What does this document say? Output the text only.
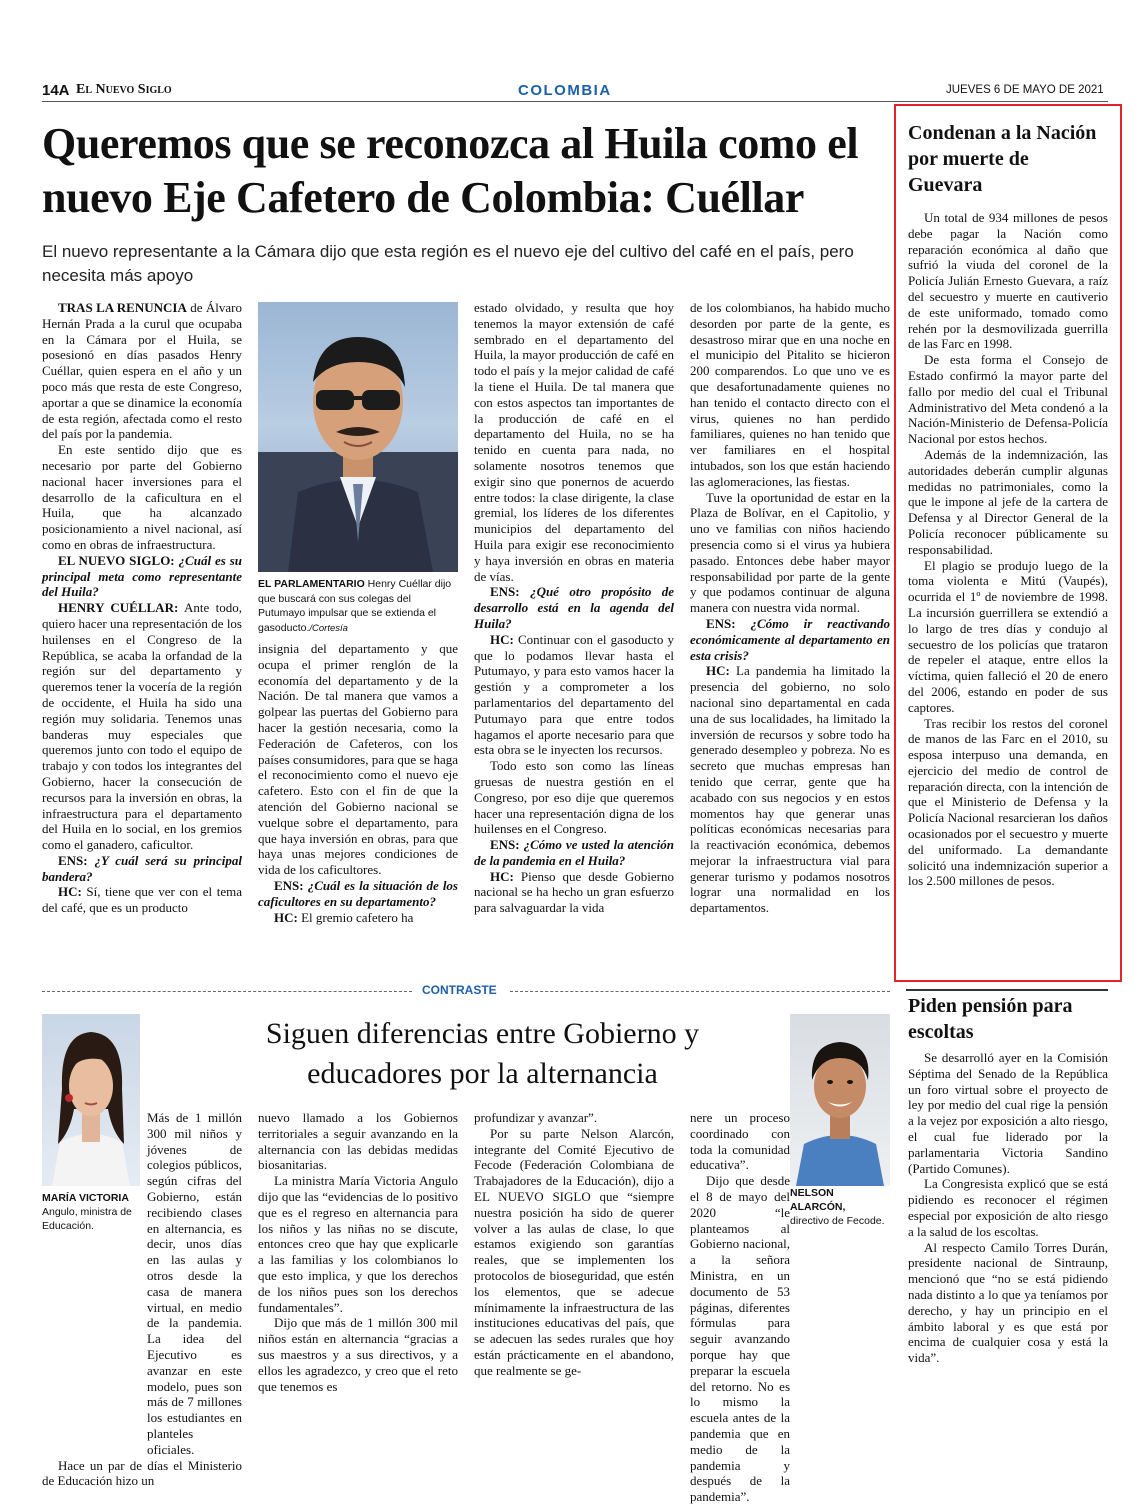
14A El Nuevo Siglo	COLOMBIA	JUEVES 6 DE MAYO DE 2021
Queremos que se reconozca al Huila como el nuevo Eje Cafetero de Colombia: Cuéllar
El nuevo representante a la Cámara dijo que esta región es el nuevo eje del cultivo del café en el país, pero necesita más apoyo

TRAS LA RENUNCIA de Álvaro Hernán Prada a la curul que ocupaba en la Cámara por el Huila, se posesionó en días pasados Henry Cuéllar, quien espera en el año y un poco más que resta de este Congreso, aportar a que se dinamice la economía de esta región, afectada como el resto del país por la pandemia.

En este sentido dijo que es necesario por parte del Gobierno nacional hacer inversiones para el desarrollo de la caficultura en el Huila, que ha alcanzado posicionamiento a nivel nacional, así como en obras de infraestructura.

EL NUEVO SIGLO: ¿Cuál es su principal meta como representante del Huila?

HENRY CUÉLLAR: Ante todo, quiero hacer una representación de los huilenses en el Congreso de la República, se acaba la orfandad de la región sur del departamento y queremos tener la vocería de la región de occidente, el Huila ha sido una región muy solidaria. Tenemos unas banderas muy especiales que queremos junto con todo el equipo de trabajo y con todos los integrantes del Gobierno, hacer la consecución de recursos para la inversión en obras, la infraestructura para el departamento del Huila en lo social, en los gremios como el ganadero, caficultor.

ENS: ¿Y cuál será su principal bandera?

HC: Sí, tiene que ver con el tema del café, que es un producto

EL PARLAMENTARIO Henry Cuéllar dijo que buscará con sus colegas del Putumayo impulsar que se extienda el gasoducto./Cortesía

insignia del departamento y que ocupa el primer renglón de la economía del departamento y de la Nación. De tal manera que vamos a golpear las puertas del Gobierno para hacer la gestión necesaria, como la Federación de Cafeteros, con los países consumidores, para que se haga el reconocimiento como el nuevo eje cafetero. Esto con el fin de que la atención del Gobierno nacional se vuelque sobre el departamento, para que haya inversión en obras, para que haya unas mejores condiciones de vida de los caficultores.

ENS: ¿Cuál es la situación de los caficultores en su departamento?

HC: El gremio cafetero ha

estado olvidado, y resulta que hoy tenemos la mayor extensión de café sembrado en el departamento del Huila, la mayor producción de café en todo el país y la mejor calidad de café la tiene el Huila. De tal manera que con estos aspectos tan importantes de la producción de café en el departamento del Huila, no se ha tenido en cuenta para nada, no solamente nosotros tenemos que exigir sino que ponernos de acuerdo entre todos: la clase dirigente, la clase gremial, los líderes de los diferentes municipios del departamento del Huila para exigir ese reconocimiento y haya inversión en obras en materia de vías.

ENS: ¿Qué otro propósito de desarrollo está en la agenda del Huila?

HC: Continuar con el gasoducto y que lo podamos llevar hasta el Putumayo, y para esto vamos hacer la gestión y a comprometer a los parlamentarios del departamento del Putumayo para que entre todos hagamos el aporte necesario para que esta obra se le inyecten los recursos.

Todo esto son como las líneas gruesas de nuestra gestión en el Congreso, por eso dije que queremos hacer una representación digna de los huilenses en el Congreso.

ENS: ¿Cómo ve usted la atención de la pandemia en el Huila?

HC: Pienso que desde Gobierno nacional se ha hecho un gran esfuerzo para salvaguardar la vida

de los colombianos, ha habido mucho desorden por parte de la gente, es desastroso mirar que en una noche en el municipio del Pitalito se hicieron 200 comparendos. Lo que uno ve es que desafortunadamente quienes no han tenido el contacto directo con el virus, quienes no han perdido familiares, quienes no han tenido que ver familiares en el hospital intubados, son los que están haciendo las aglomeraciones, las fiestas.

Tuve la oportunidad de estar en la Plaza de Bolívar, en el Capitolio, y uno ve familias con niños haciendo presencia como si el virus ya hubiera pasado. Entonces debe haber mayor responsabilidad por parte de la gente y que podamos continuar de alguna manera con nuestra vida normal.

ENS: ¿Cómo ir reactivando económicamente al departamento en esta crisis?

HC: La pandemia ha limitado la presencia del gobierno, no solo nacional sino departamental en cada una de sus localidades, ha limitado la inversión de recursos y sobre todo ha generado desempleo y pobreza. No es secreto que muchas empresas han tenido que cerrar, gente que ha acabado con sus negocios y en estos momentos hay que generar unas políticas económicas necesarias para la reactivación económica, debemos mejorar la infraestructura vial para generar turismo y podamos nosotros lograr una normalidad en los departamentos.

Condenan a la Nación por muerte de Guevara

Un total de 934 millones de pesos debe pagar la Nación como reparación económica al daño que sufrió la viuda del coronel de la Policía Julián Ernesto Guevara, a raíz del secuestro y muerte en cautiverio de este uniformado, tomado como rehén por la desmovilizada guerrilla de las Farc en 1998.

De esta forma el Consejo de Estado confirmó la mayor parte del fallo por medio del cual el Tribunal Administrativo del Meta condenó a la Nación-Ministerio de Defensa-Policía Nacional por estos hechos.

Además de la indemnización, las autoridades deberán cumplir algunas medidas no patrimoniales, como la que le impone al jefe de la cartera de Defensa y al Director General de la Policía reconocer públicamente su responsabilidad.

El plagio se produjo luego de la toma violenta e Mitú (Vaupés), ocurrida el 1º de noviembre de 1998. La incursión guerrillera se extendió a lo largo de tres días y condujo al secuestro de los policías que trataron de repeler el ataque, entre ellos la víctima, quien falleció el 20 de enero del 2006, estando en poder de sus captores.

Tras recibir los restos del coronel de manos de las Farc en el 2010, su esposa interpuso una demanda, en ejercicio del medio de control de reparación directa, con la intención de que el Ministerio de Defensa y la Policía Nacional resarcieran los daños ocasionados por el secuestro y muerte del uniformado. La demandante solicitó una indemnización superior a los 2.500 millones de pesos.

Piden pensión para escoltas

Se desarrolló ayer en la Comisión Séptima del Senado de la República un foro virtual sobre el proyecto de ley por medio del cual rige la pensión a la vejez por exposición a alto riesgo, el cual fue liderado por la parlamentaria Victoria Sandino (Partido Comunes).

La Congresista explicó que se está pidiendo es reconocer el régimen especial por exposición de alto riesgo a la salud de los escoltas.

Al respecto Camilo Torres Durán, presidente nacional de Sintraunp, mencionó que “no se está pidiendo nada distinto a lo que ya teníamos por derecho, y hay un principio en el ámbito laboral y es que está por encima de cualquier cosa y está la vida”.

CONTRASTE
Siguen diferencias entre Gobierno y educadores por la alternancia
MARÍA VICTORIA
Angulo, ministra de Educación.

Más de 1 millón 300 mil niños y jóvenes de colegios públicos, según cifras del Gobierno, están recibiendo clases en alternancia, es decir, unos días en las aulas y otros desde la casa de manera virtual, en medio de la pandemia. La idea del Ejecutivo es avanzar en este modelo, pues son más de 7 millones los estudiantes en planteles oficiales.

Hace un par de días el Ministerio de Educación hizo un

nuevo llamado a los Gobiernos territoriales a seguir avanzando en la alternancia con las debidas medidas biosanitarias.

La ministra María Victoria Angulo dijo que las “evidencias de lo positivo que es el regreso en alternancia para los niños y las niñas no se discute, entonces creo que hay que explicarle a las familias y los colombianos lo que esto implica, y que los derechos de los niños pues son los derechos fundamentales”.

Dijo que más de 1 millón 300 mil niños están en alternancia “gracias a sus maestros y a sus directivos, y a ellos les agradezco, y creo que el reto que tenemos es

profundizar y avanzar”.

Por su parte Nelson Alarcón, integrante del Comité Ejecutivo de Fecode (Federación Colombiana de Trabajadores de la Educación), dijo a EL NUEVO SIGLO que “siempre nuestra posición ha sido de querer volver a las aulas de clase, lo que estamos exigiendo son garantías reales, que se implementen los protocolos de bioseguridad, que estén los elementos, que se adecue mínimamente la infraestructura de las instituciones educativas del país, que se adecuen las sedes rurales que hoy están prácticamente en el abandono, que realmente se ge-

NELSON ALARCÓN,
directivo de Fecode.

nere un proceso coordinado con toda la comunidad educativa”.

Dijo que desde el 8 de mayo del 2020 “le planteamos al Gobierno nacional, a la señora Ministra, en un documento de 53 páginas, diferentes fórmulas para seguir avanzando porque hay que preparar la escuela del retorno. No es lo mismo la escuela antes de la pandemia que en medio de la pandemia y después de la pandemia”.
